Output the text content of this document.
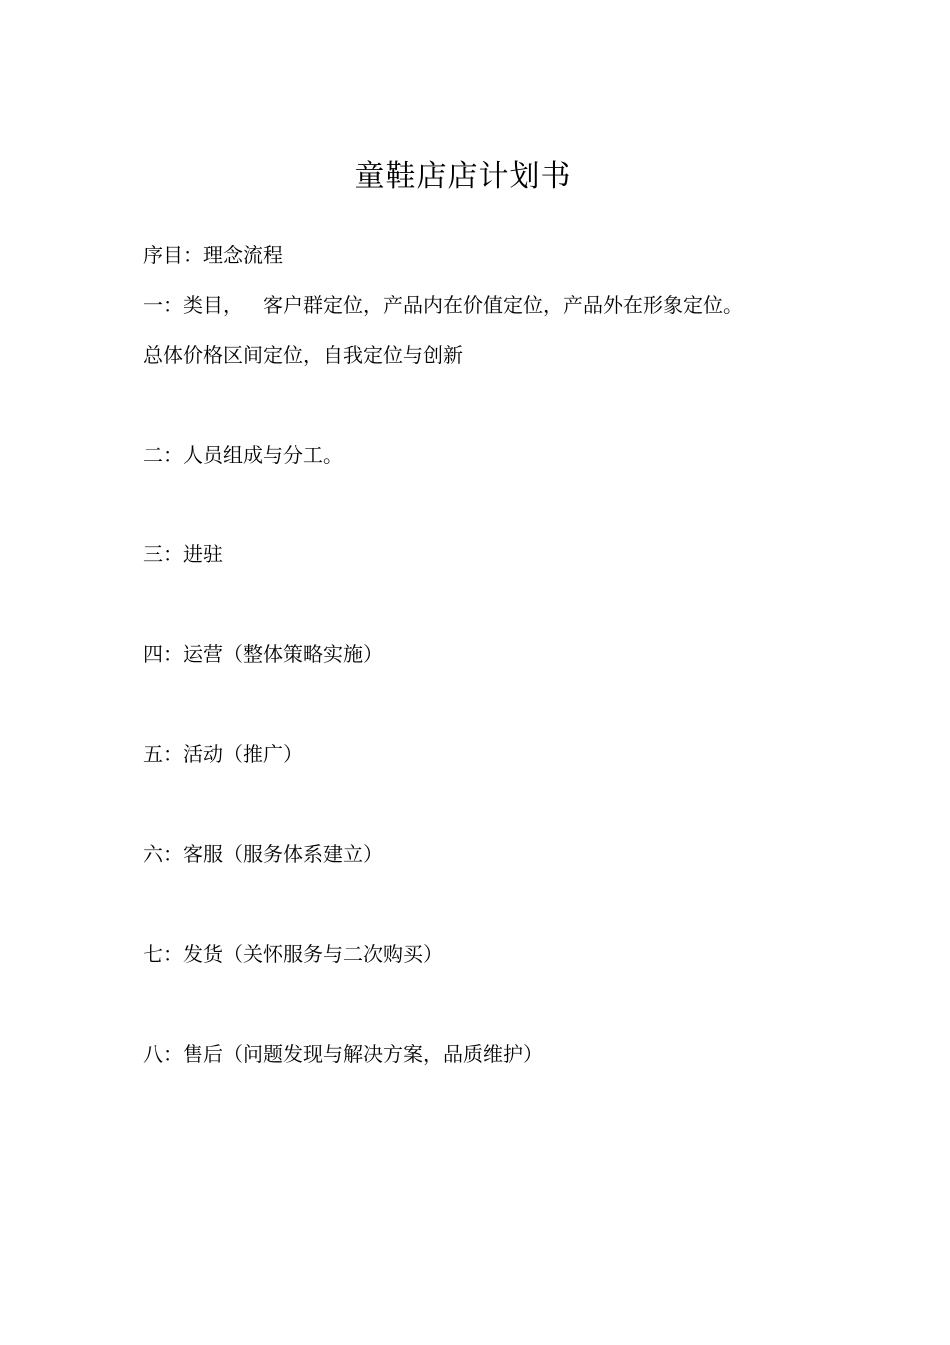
童鞋店店计划书
序目：理念流程
一：类目， 客户群定位，产品内在价值定位，产品外在形象定位。
总体价格区间定位，自我定位与创新
二：人员组成与分工。
三：进驻
四：运营（整体策略实施）
五：活动（推广）
六：客服（服务体系建立）
七：发货（关怀服务与二次购买）
八：售后（问题发现与解决方案，品质维护）
